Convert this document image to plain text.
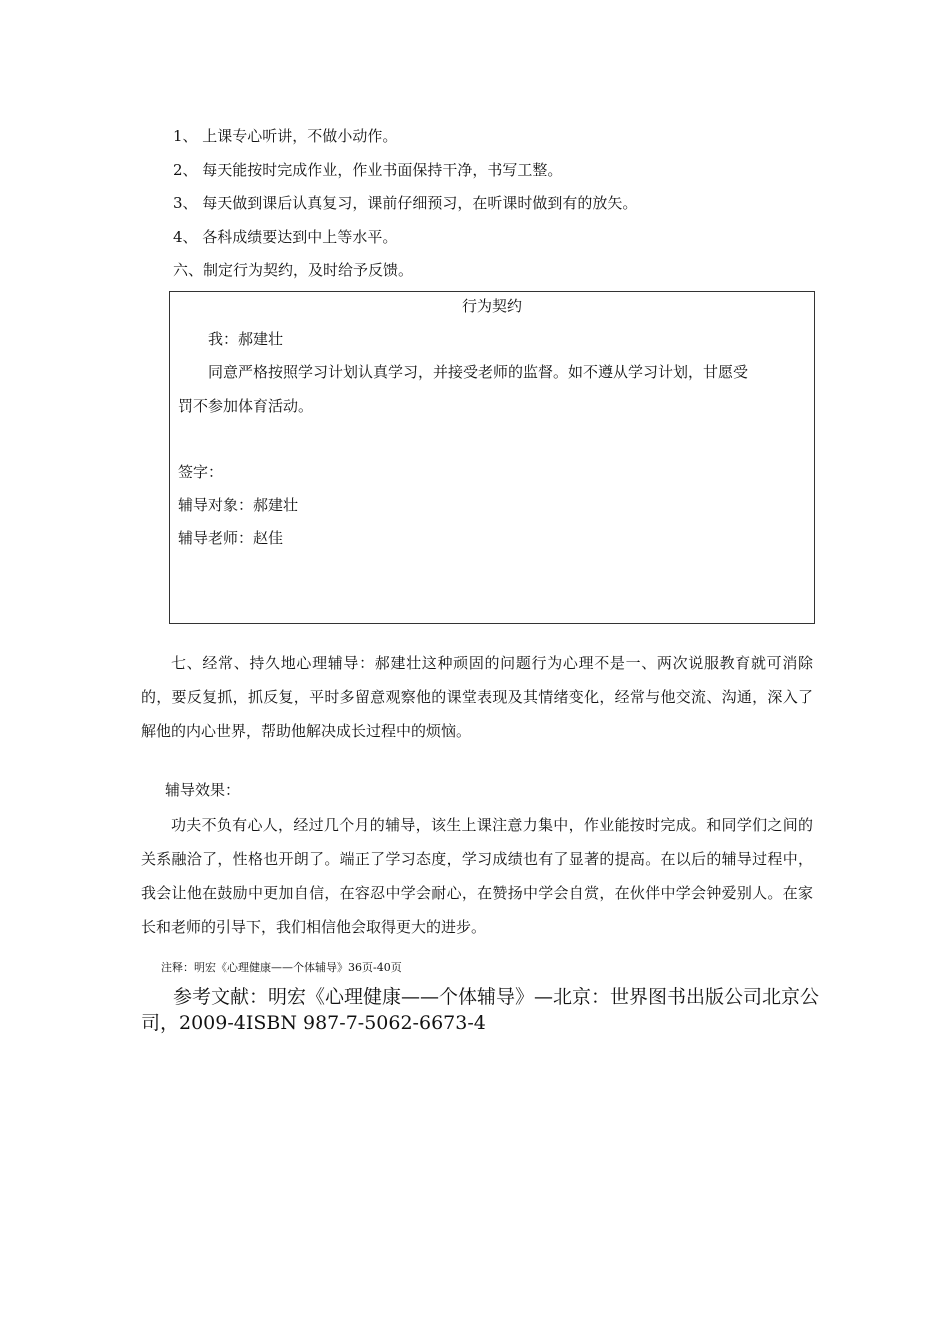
1、 上课专心听讲，不做小动作。
2、 每天能按时完成作业，作业书面保持干净，书写工整。
3、 每天做到课后认真复习，课前仔细预习，在听课时做到有的放矢。
4、 各科成绩要达到中上等水平。
六、制定行为契约，及时给予反馈。
行为契约
我：郝建壮
同意严格按照学习计划认真学习，并接受老师的监督。如不遵从学习计划，甘愿受
罚不参加体育活动。
签字：
辅导对象：郝建壮
辅导老师：赵佳
七、经常、持久地心理辅导：郝建壮这种顽固的问题行为心理不是一、两次说服教育就可消除的，要反复抓，抓反复，平时多留意观察他的课堂表现及其情绪变化，经常与他交流、沟通，深入了解他的内心世界，帮助他解决成长过程中的烦恼。
辅导效果：
功夫不负有心人，经过几个月的辅导，该生上课注意力集中，作业能按时完成。和同学们之间的关系融洽了，性格也开朗了。端正了学习态度，学习成绩也有了显著的提高。在以后的辅导过程中，我会让他在鼓励中更加自信，在容忍中学会耐心，在赞扬中学会自赏，在伙伴中学会钟爱别人。在家长和老师的引导下，我们相信他会取得更大的进步。
注释：明宏《心理健康——个体辅导》36页-40页
参考文献：明宏《心理健康——个体辅导》—北京：世界图书出版公司北京公司，2009-4ISBN 987-7-5062-6673-4
